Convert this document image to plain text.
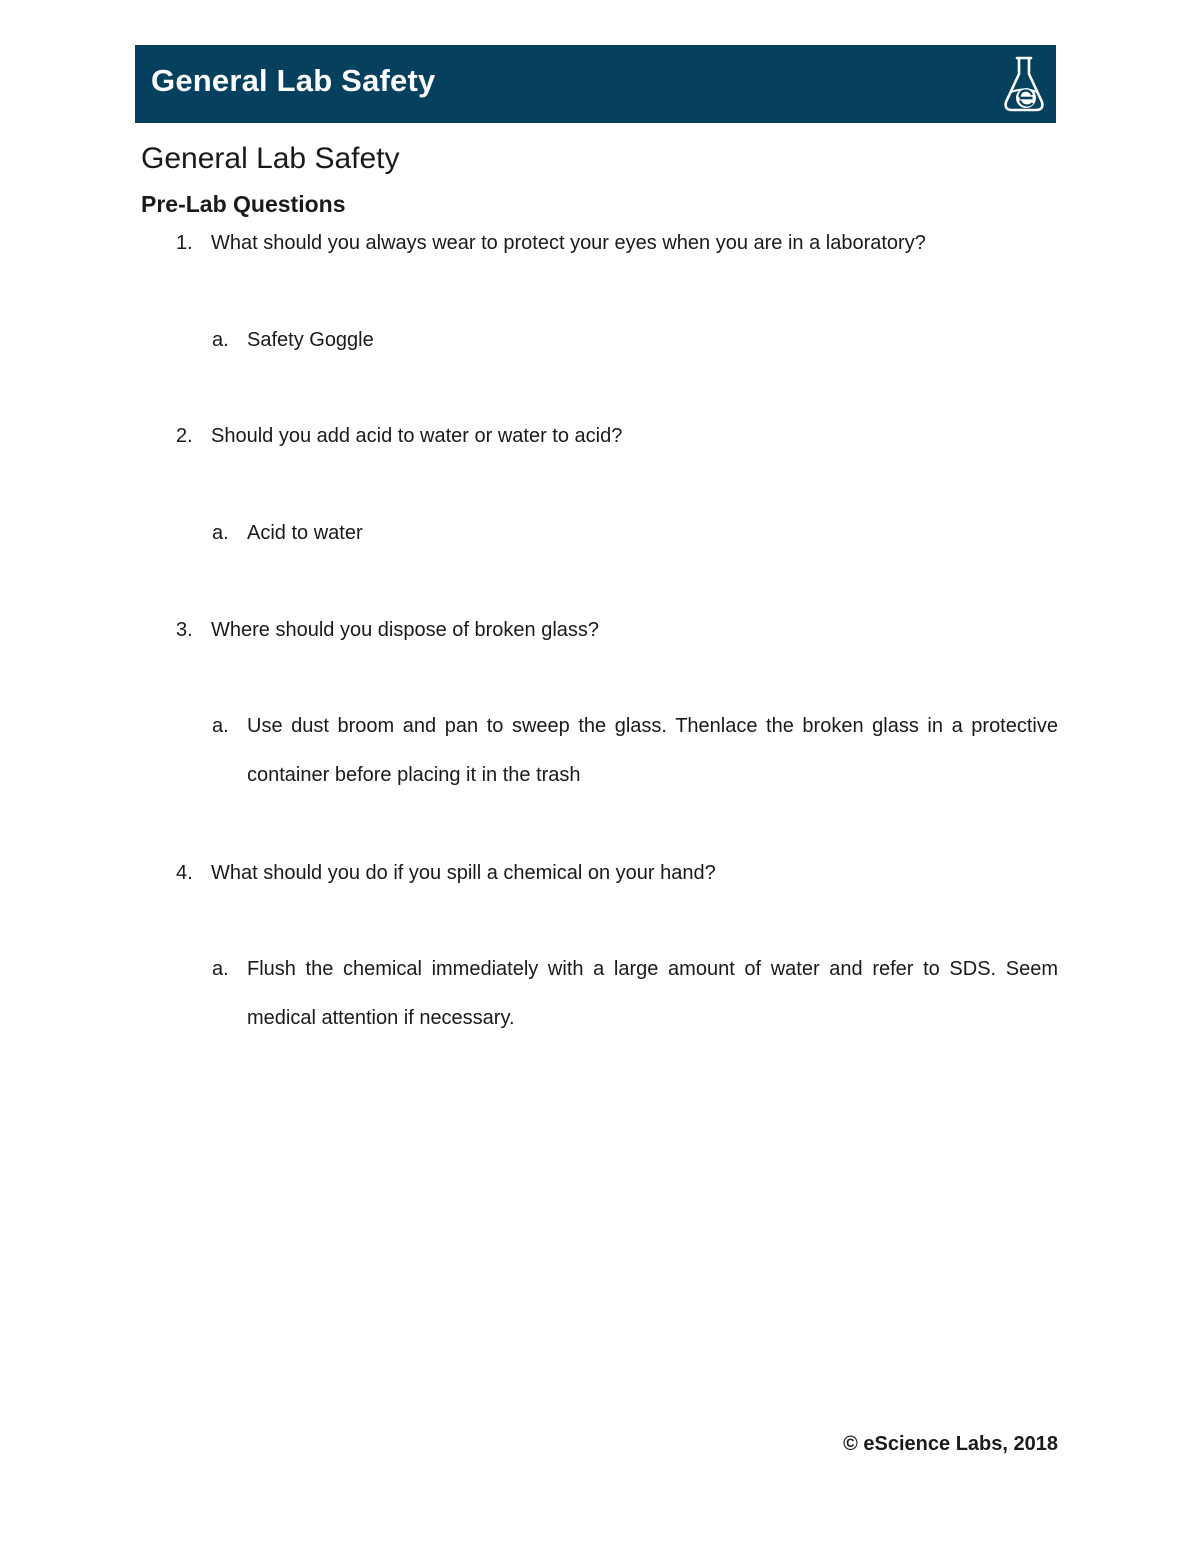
General Lab Safety
General Lab Safety
Pre-Lab Questions
1. What should you always wear to protect your eyes when you are in a laboratory?
a. Safety Goggle
2. Should you add acid to water or water to acid?
a. Acid to water
3. Where should you dispose of broken glass?
a. Use dust broom and pan to sweep the glass. Thenlace the broken glass in a protective container before placing it in the trash
4. What should you do if you spill a chemical on your hand?
a. Flush the chemical immediately with a large amount of water and refer to SDS. Seem medical attention if necessary.
© eScience Labs, 2018
